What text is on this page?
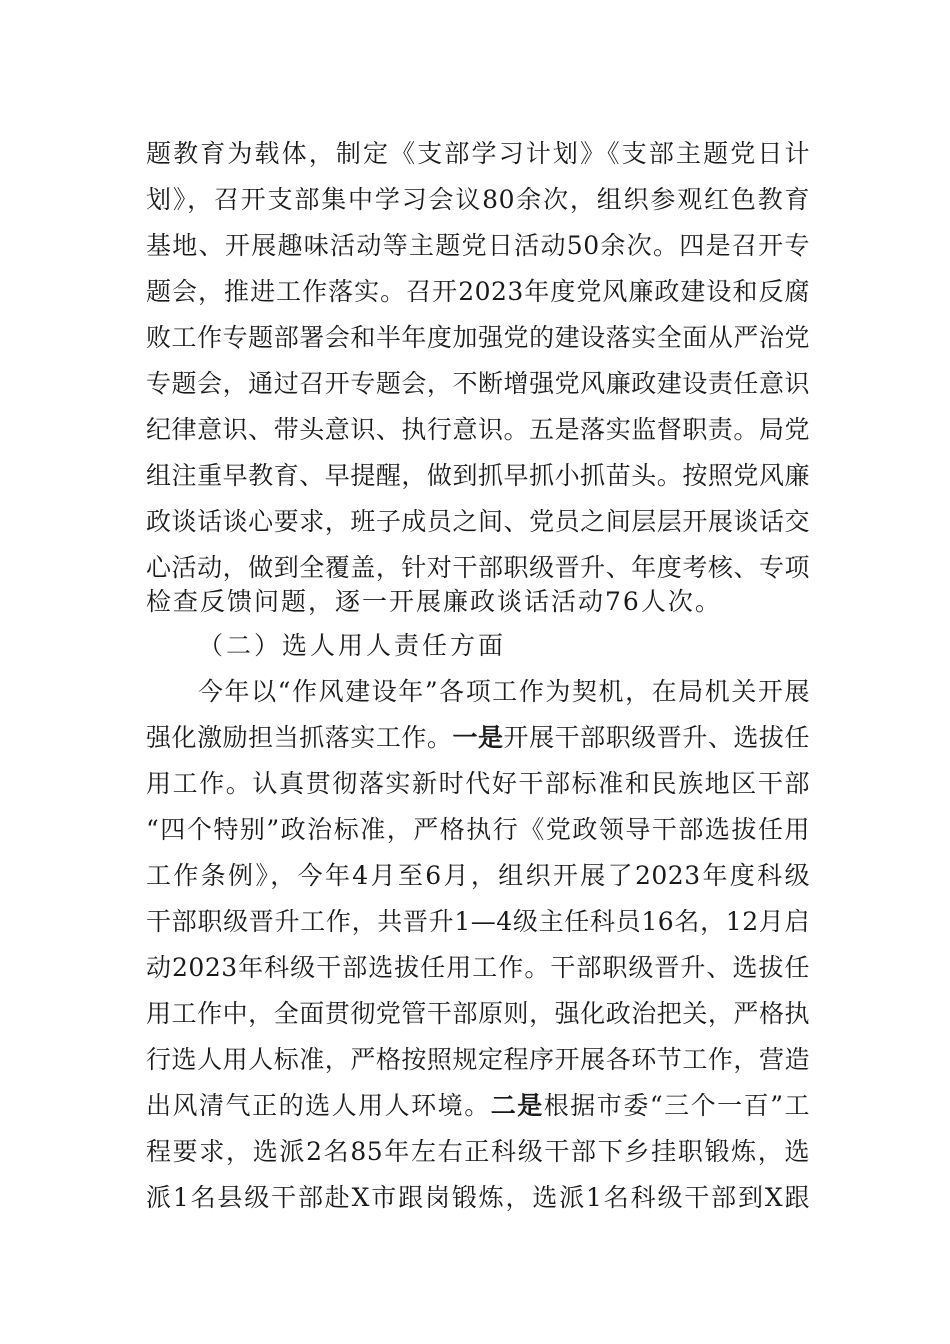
题教育为载体，制定《支部学习计划》《支部主题党日计
划》，召开支部集中学习会议80余次，组织参观红色教育
基地、开展趣味活动等主题党日活动50余次。四是召开专
题会，推进工作落实。召开2023年度党风廉政建设和反腐
败工作专题部署会和半年度加强党的建设落实全面从严治党
专题会，通过召开专题会，不断增强党风廉政建设责任意识
纪律意识、带头意识、执行意识。五是落实监督职责。局党
组注重早教育、早提醒，做到抓早抓小抓苗头。按照党风廉
政谈话谈心要求，班子成员之间、党员之间层层开展谈话交
心活动，做到全覆盖，针对干部职级晋升、年度考核、专项
检查反馈问题，逐一开展廉政谈话活动76人次。
（二）选人用人责任方面
今年以“作风建设年”各项工作为契机，在局机关开展
强化激励担当抓落实工作。一是开展干部职级晋升、选拔任
用工作。认真贯彻落实新时代好干部标准和民族地区干部
“四个特别”政治标准，严格执行《党政领导干部选拔任用
工作条例》，今年4月至6月，组织开展了2023年度科级
干部职级晋升工作，共晋升1—4级主任科员16名，12月启
动2023年科级干部选拔任用工作。干部职级晋升、选拔任
用工作中，全面贯彻党管干部原则，强化政治把关，严格执
行选人用人标准，严格按照规定程序开展各环节工作，营造
出风清气正的选人用人环境。二是根据市委“三个一百”工
程要求，选派2名85年左右正科级干部下乡挂职锻炼，选
派1名县级干部赴X市跟岗锻炼，选派1名科级干部到X跟
